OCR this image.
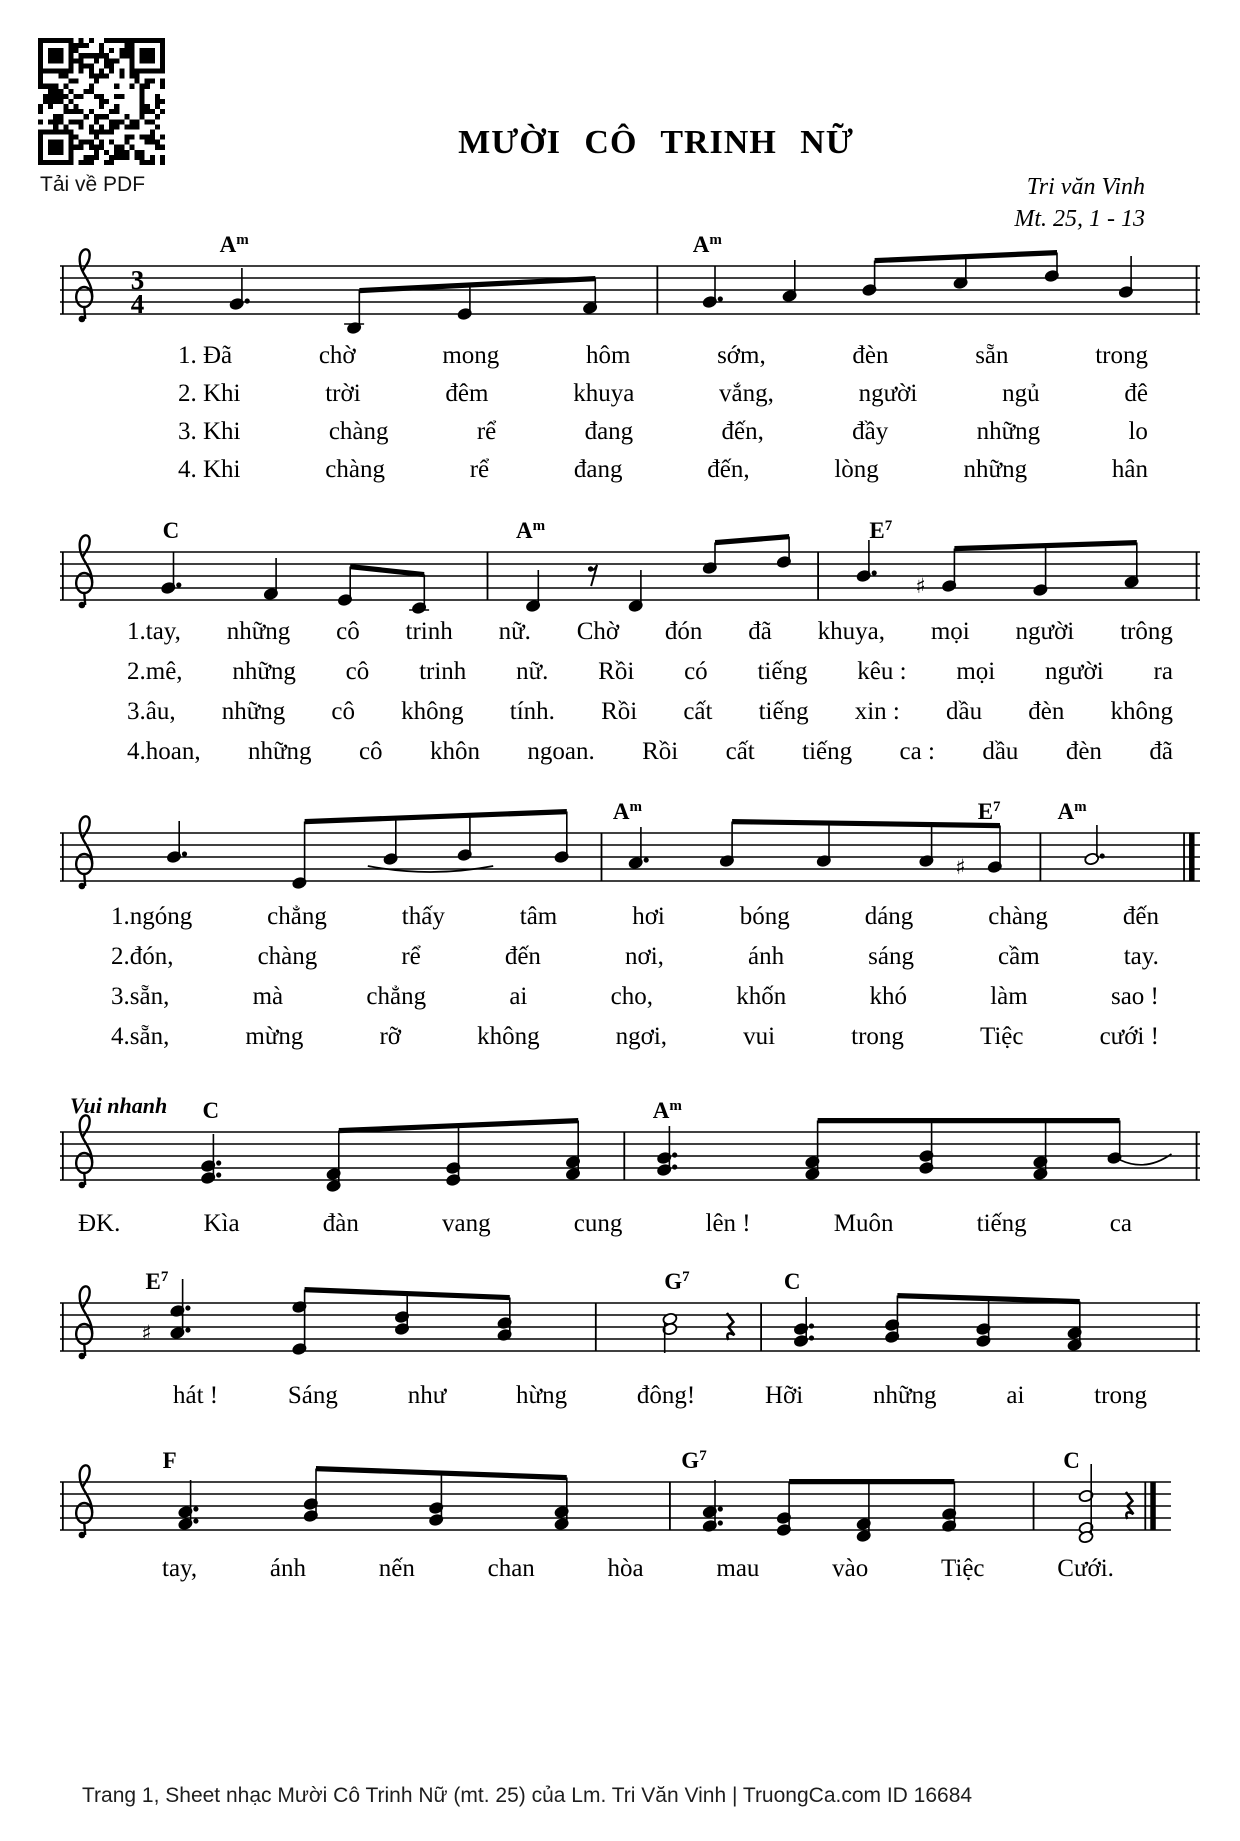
Tải về PDF
MƯỜI CÔ TRINH NỮ
Tri văn Vinh
Mt. 25, 1 - 13
Vui nhanh
3
4
$A^m$	$A^m$
1. Đã	chờ	mong	hôm	sớm,	đèn	sẵn	trong
2. Khi	trời	đêm	khuya	vắng,	người	ngủ	đê
3. Khi	chàng	rể	đang	đến,	đầy	những	lo
4. Khi	chàng	rể	đang	đến,	lòng	những	hân
♯
C	$A^m$	$E^7$
1.tay, những cô trinh nữ. Chờ đón đã khuya, mọi người trông
2.mê, những cô trinh nữ. Rồi có tiếng kêu : mọi người ra
3.âu, những cô không tính. Rồi cất tiếng xin : dầu đèn không
4.hoan, những cô khôn ngoan. Rồi cất tiếng ca : dầu đèn đã
♯
$A^m$	$E^7$ $A^m$
1.ngóng	chẳng	thấy	tâm	hơi	bóng	dáng	chàng	đến
2.đón,	chàng	rể	đến	nơi,	ánh	sáng	cầm	tay.
3.sẵn,	mà	chẳng	ai	cho,	khốn	khó	làm	sao !
4.sẵn,	mừng	rỡ	không	ngơi,	vui	trong	Tiệc	cưới !
C	$A^m$
ĐK.	Kìa	đàn	vang	cung	lên !	Muôn	tiếng	ca
♯
$E^7$	$G^7$	C
hát !	Sáng	như	hừng	đông!	Hỡi	những	ai	trong
F	$G^7$	C
tay,	ánh	nến	chan	hòa	mau	vào	Tiệc	Cưới.
Trang 1, Sheet nhạc Mười Cô Trinh Nữ (mt. 25) của Lm. Tri Văn Vinh | TruongCa.com ID 16684
